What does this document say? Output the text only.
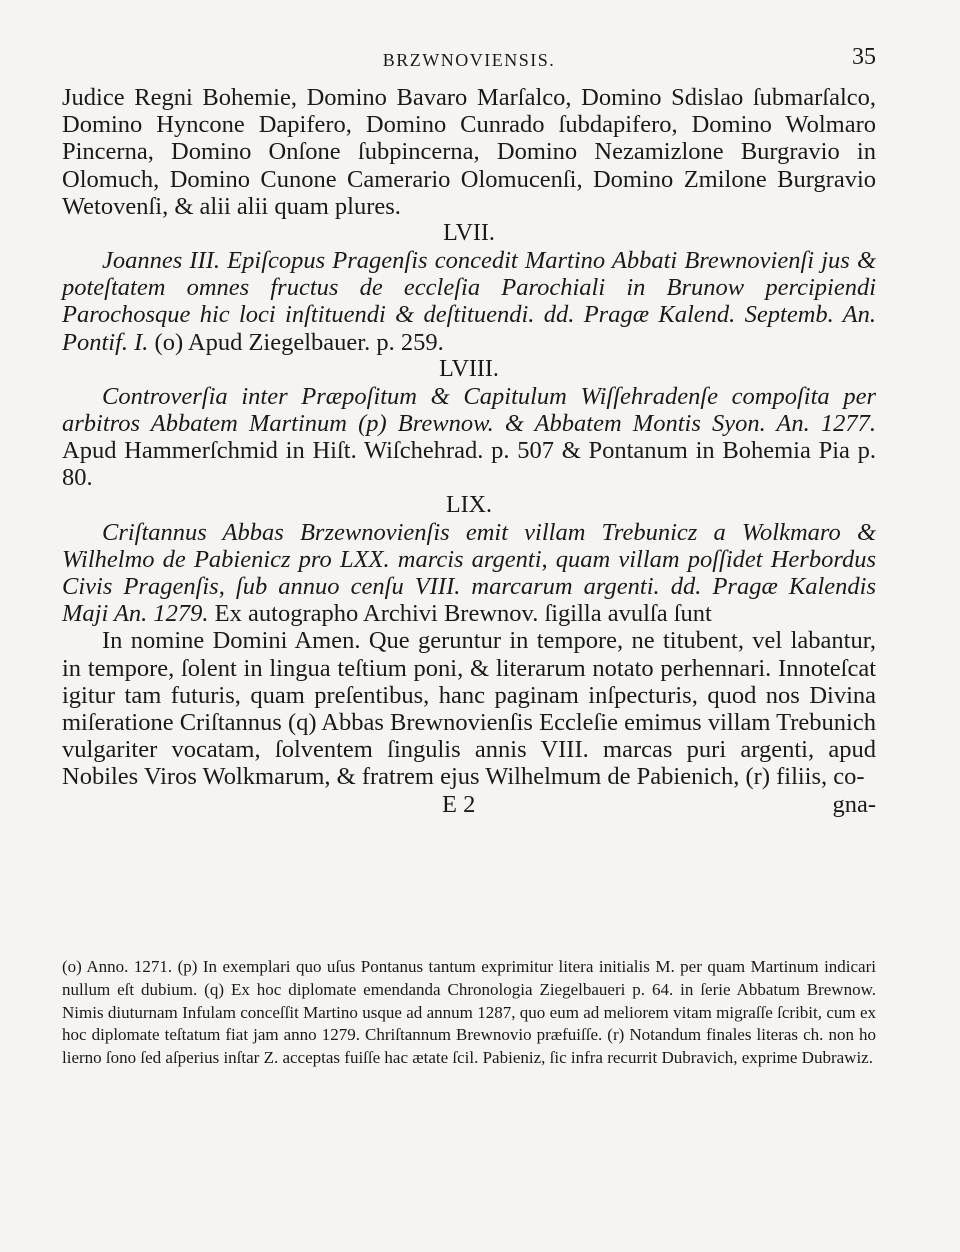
BRZWNOVIENSIS.	35

Judice Regni Bohemie, Domino Bavaro Marſalco, Domino Sdislao ſubmarſalco, Domino Hyncone Dapifero, Domino Cunrado ſubdapifero, Domino Wolmaro Pincerna, Domino Onſone ſubpincerna, Domino Nezamizlone Burgravio in Olomuch, Domino Cunone Camerario Olomucenſi, Domino Zmilone Burgravio Wetovenſi, & alii alii quam plures.

LVII.

Joannes III. Epiſcopus Pragenſis concedit Martino Abbati Brewnovienſi jus & poteſtatem omnes fructus de eccleſia Parochiali in Brunow percipiendi Parochosque hic loci inſtituendi & deſtituendi. dd. Pragæ Kalend. Septemb. An. Pontif. I. (o) Apud Ziegelbauer. p. 259.

LVIII.

Controverſia inter Præpoſitum & Capitulum Wiſſehradenſe compoſita per arbitros Abbatem Martinum (p) Brewnow. & Abbatem Montis Syon. An. 1277. Apud Hammerſchmid in Hiſt. Wiſchehrad. p. 507 & Pontanum in Bohemia Pia p. 80.

LIX.

Criſtannus Abbas Brzewnovienſis emit villam Trebunicz a Wolkmaro & Wilhelmo de Pabienicz pro LXX. marcis argenti, quam villam poſſidet Herbordus Civis Pragenſis, ſub annuo cenſu VIII. marcarum argenti. dd. Pragæ Kalendis Maji An. 1279. Ex autographo Archivi Brewnov. ſigilla avulſa ſunt

In nomine Domini Amen. Que geruntur in tempore, ne titubent, vel labantur, in tempore, ſolent in lingua teſtium poni, & literarum notato perhennari. Innoteſcat igitur tam futuris, quam preſentibus, hanc paginam inſpecturis, quod nos Divina miſeratione Criſtannus (q) Abbas Brewnovienſis Eccleſie emimus villam Trebunich vulgariter vocatam, ſolventem ſingulis annis VIII. marcas puri argenti, apud Nobiles Viros Wolkmarum, & fratrem ejus Wilhelmum de Pabienich, (r) filiis, co-

E 2	gna-

(o) Anno. 1271. (p) In exemplari quo uſus Pontanus tantum exprimitur litera initialis M. per quam Martinum indicari nullum eſt dubium. (q) Ex hoc diplomate emendanda Chronologia Ziegelbaueri p. 64. in ſerie Abbatum Brewnow. Nimis diuturnam Infulam conceſſit Martino usque ad annum 1287, quo eum ad meliorem vitam migraſſe ſcribit, cum ex hoc diplomate teſtatum fiat jam anno 1279. Chriſtannum Brewnovio præfuiſſe. (r) Notandum finales literas ch. non ho lierno ſono ſed aſperius inſtar Z. acceptas fuiſſe hac ætate ſcil. Pabieniz, ſic infra recurrit Dubravich, exprime Dubrawiz.
